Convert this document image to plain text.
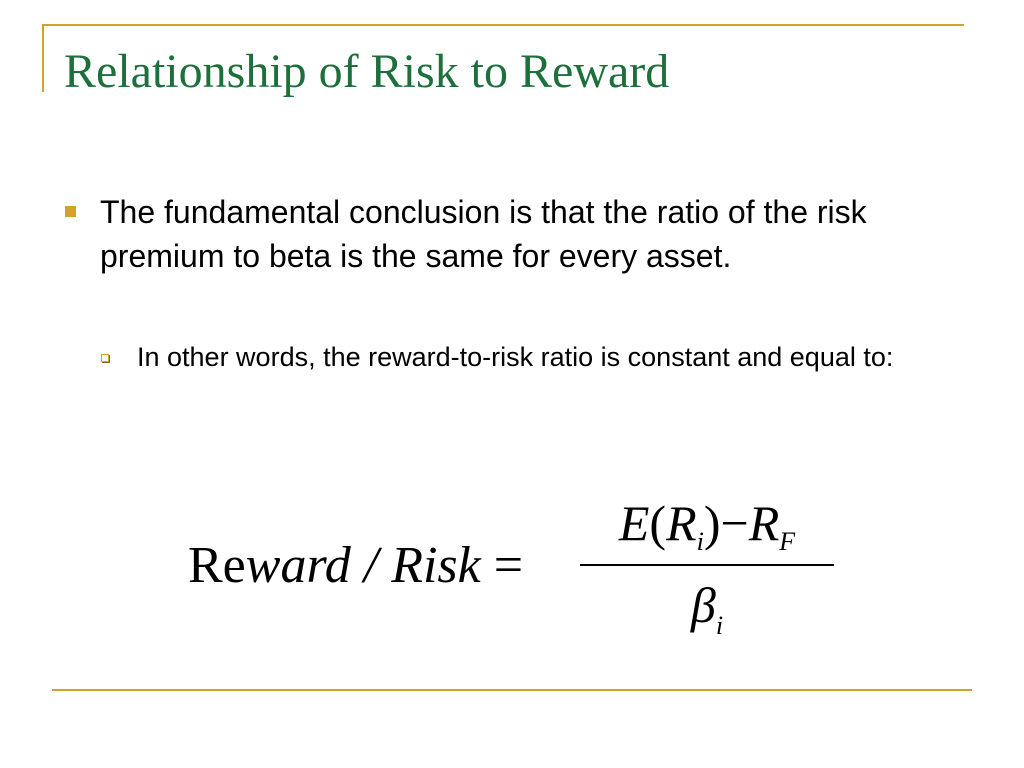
Relationship of Risk to Reward
The fundamental conclusion is that the ratio of the risk premium to beta is the same for every asset.
In other words, the reward-to-risk ratio is constant and equal to:
Reward / Risk =
$E(R_i)-R_F$
$\beta_i$
